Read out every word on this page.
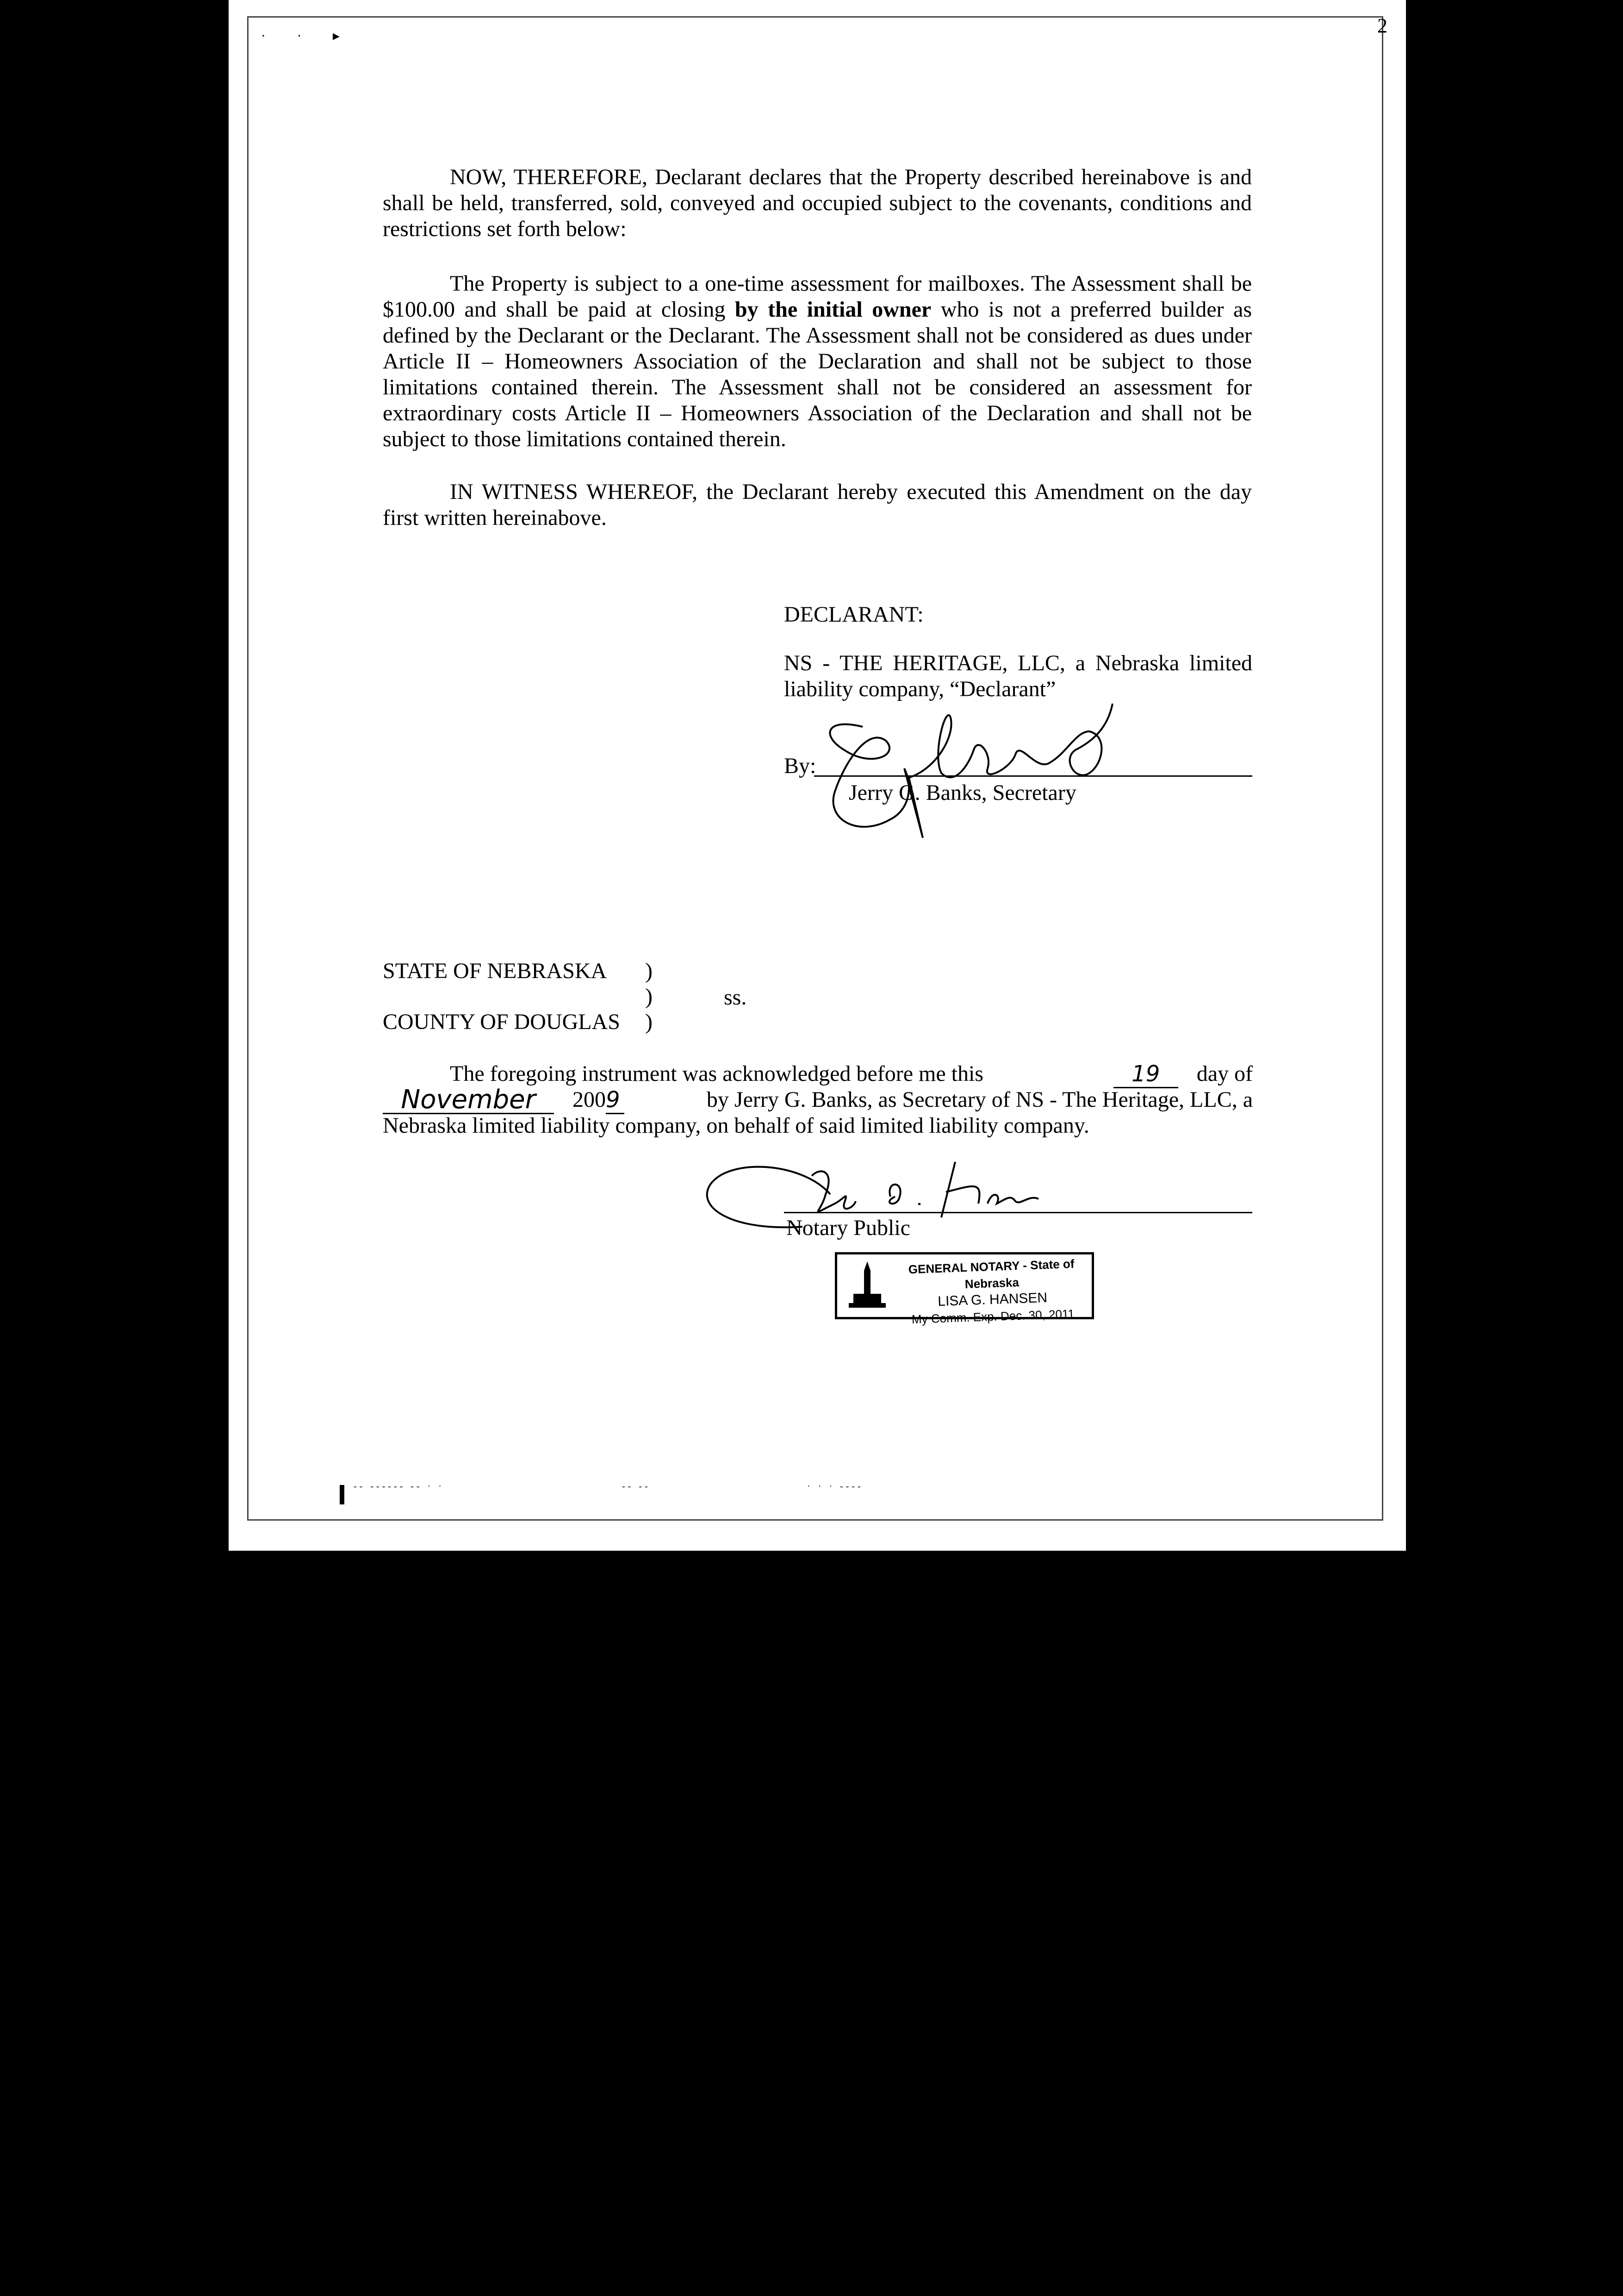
2
· · ▸

NOW, THEREFORE, Declarant declares that the Property described hereinabove is and shall be held, transferred, sold, conveyed and occupied subject to the covenants, conditions and restrictions set forth below:

The Property is subject to a one-time assessment for mailboxes. The Assessment shall be $100.00 and shall be paid at closing by the initial owner who is not a preferred builder as defined by the Declarant or the Declarant. The Assessment shall not be considered as dues under Article II – Homeowners Association of the Declaration and shall not be subject to those limitations contained therein. The Assessment shall not be considered an assessment for extraordinary costs Article II – Homeowners Association of the Declaration and shall not be subject to those limitations contained therein.

IN WITNESS WHEREOF, the Declarant hereby executed this Amendment on the day first written hereinabove.

DECLARANT:
NS - THE HERITAGE, LLC, a Nebraska limited liability company, “Declarant”
By:
Jerry G. Banks, Secretary
STATE OF NEBRASKA )
)	ss.
COUNTY OF DOUGLAS )
The foregoing instrument was acknowledged before me this	19	day of
November	200 9	by Jerry G. Banks, as Secretary of NS - The Heritage, LLC, a
Nebraska limited liability company, on behalf of said limited liability company.
Notary Public
GENERAL NOTARY - State of Nebraska
LISA G. HANSEN
My Comm. Exp. Dec. 30, 2011
-- ------ -- · ·	-- --	· · · ----
